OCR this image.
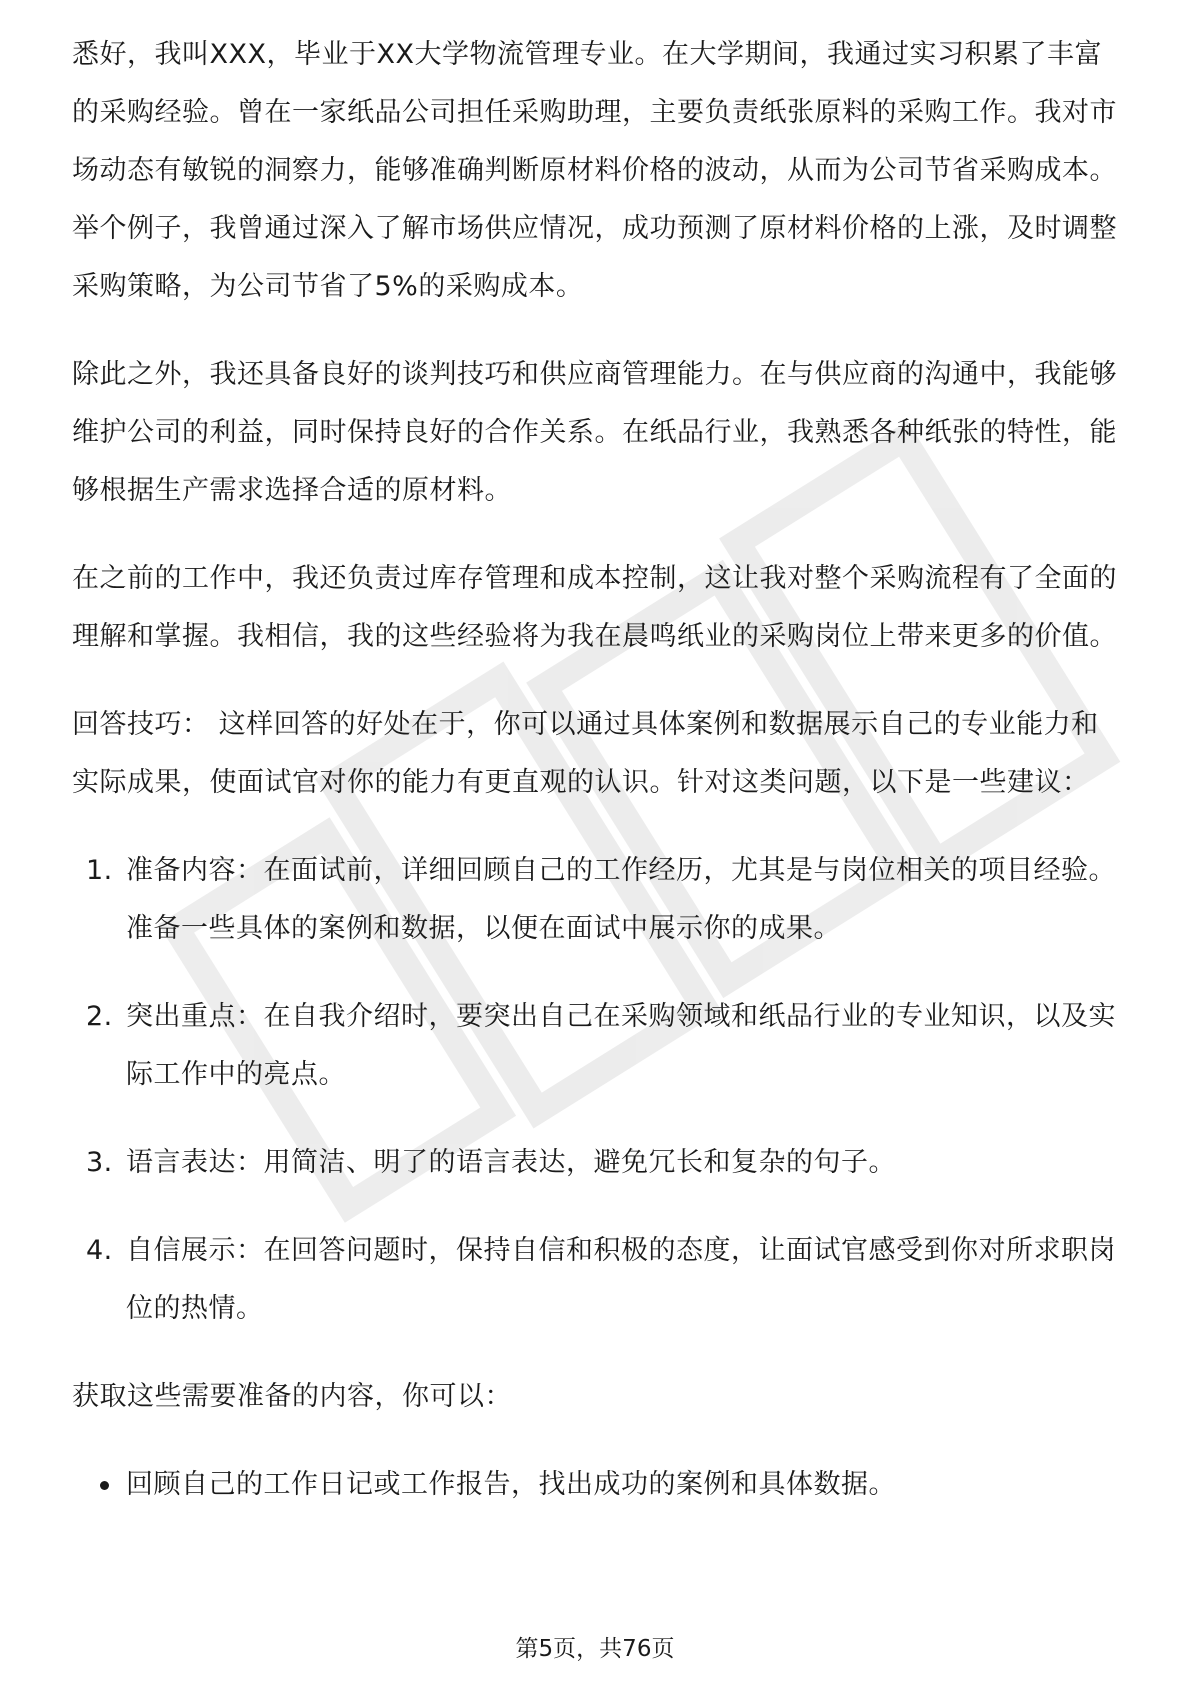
悉好，我叫XXX，毕业于XX大学物流管理专业。在大学期间，我通过实习积累了丰富的采购经验。曾在一家纸品公司担任采购助理，主要负责纸张原料的采购工作。我对市场动态有敏锐的洞察力，能够准确判断原材料价格的波动，从而为公司节省采购成本。举个例子，我曾通过深入了解市场供应情况，成功预测了原材料价格的上涨，及时调整采购策略，为公司节省了5%的采购成本。

除此之外，我还具备良好的谈判技巧和供应商管理能力。在与供应商的沟通中，我能够维护公司的利益，同时保持良好的合作关系。在纸品行业，我熟悉各种纸张的特性，能够根据生产需求选择合适的原材料。

在之前的工作中，我还负责过库存管理和成本控制，这让我对整个采购流程有了全面的理解和掌握。我相信，我的这些经验将为我在晨鸣纸业的采购岗位上带来更多的价值。

回答技巧： 这样回答的好处在于，你可以通过具体案例和数据展示自己的专业能力和实际成果，使面试官对你的能力有更直观的认识。针对这类问题，以下是一些建议：

1. 准备内容：在面试前，详细回顾自己的工作经历，尤其是与岗位相关的项目经验。准备一些具体的案例和数据，以便在面试中展示你的成果。
2. 突出重点：在自我介绍时，要突出自己在采购领域和纸品行业的专业知识，以及实际工作中的亮点。
3. 语言表达：用简洁、明了的语言表达，避免冗长和复杂的句子。
4. 自信展示：在回答问题时，保持自信和积极的态度，让面试官感受到你对所求职岗位的热情。

获取这些需要准备的内容，你可以：

回顾自己的工作日记或工作报告，找出成功的案例和具体数据。
第5页，共76页
